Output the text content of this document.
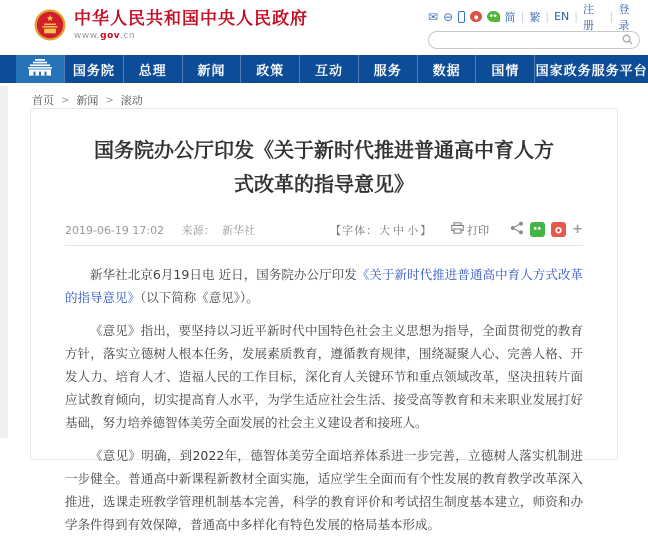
中华人民共和国中央人民政府
www.gov.cn
✉ ⊖	简 | 繁 | EN |
注册
|
登录
国务院	总理	新闻	政策	互动	服务	数据	国情	国家政务服务平台
首页 > 新闻 > 滚动
国务院办公厅印发《关于新时代推进普通高中育人方式改革的指导意见》
2019-06-19 17:02 来源： 新华社	【字体：大 中 小】	打印	+

新华社北京6月19日电 近日，国务院办公厅印发《关于新时代推进普通高中育人方式改革的指导意见》（以下简称《意见》）。

《意见》指出，要坚持以习近平新时代中国特色社会主义思想为指导，全面贯彻党的教育方针，落实立德树人根本任务，发展素质教育，遵循教育规律，围绕凝聚人心、完善人格、开发人力、培育人才、造福人民的工作目标，深化育人关键环节和重点领域改革，坚决扭转片面应试教育倾向，切实提高育人水平，为学生适应社会生活、接受高等教育和未来职业发展打好基础，努力培养德智体美劳全面发展的社会主义建设者和接班人。

《意见》明确，到2022年，德智体美劳全面培养体系进一步完善，立德树人落实机制进一步健全。普通高中新课程新教材全面实施，适应学生全面而有个性发展的教育教学改革深入推进，选课走班教学管理机制基本完善，科学的教育评价和考试招生制度基本建立，师资和办学条件得到有效保障，普通高中多样化有特色发展的格局基本形成。
